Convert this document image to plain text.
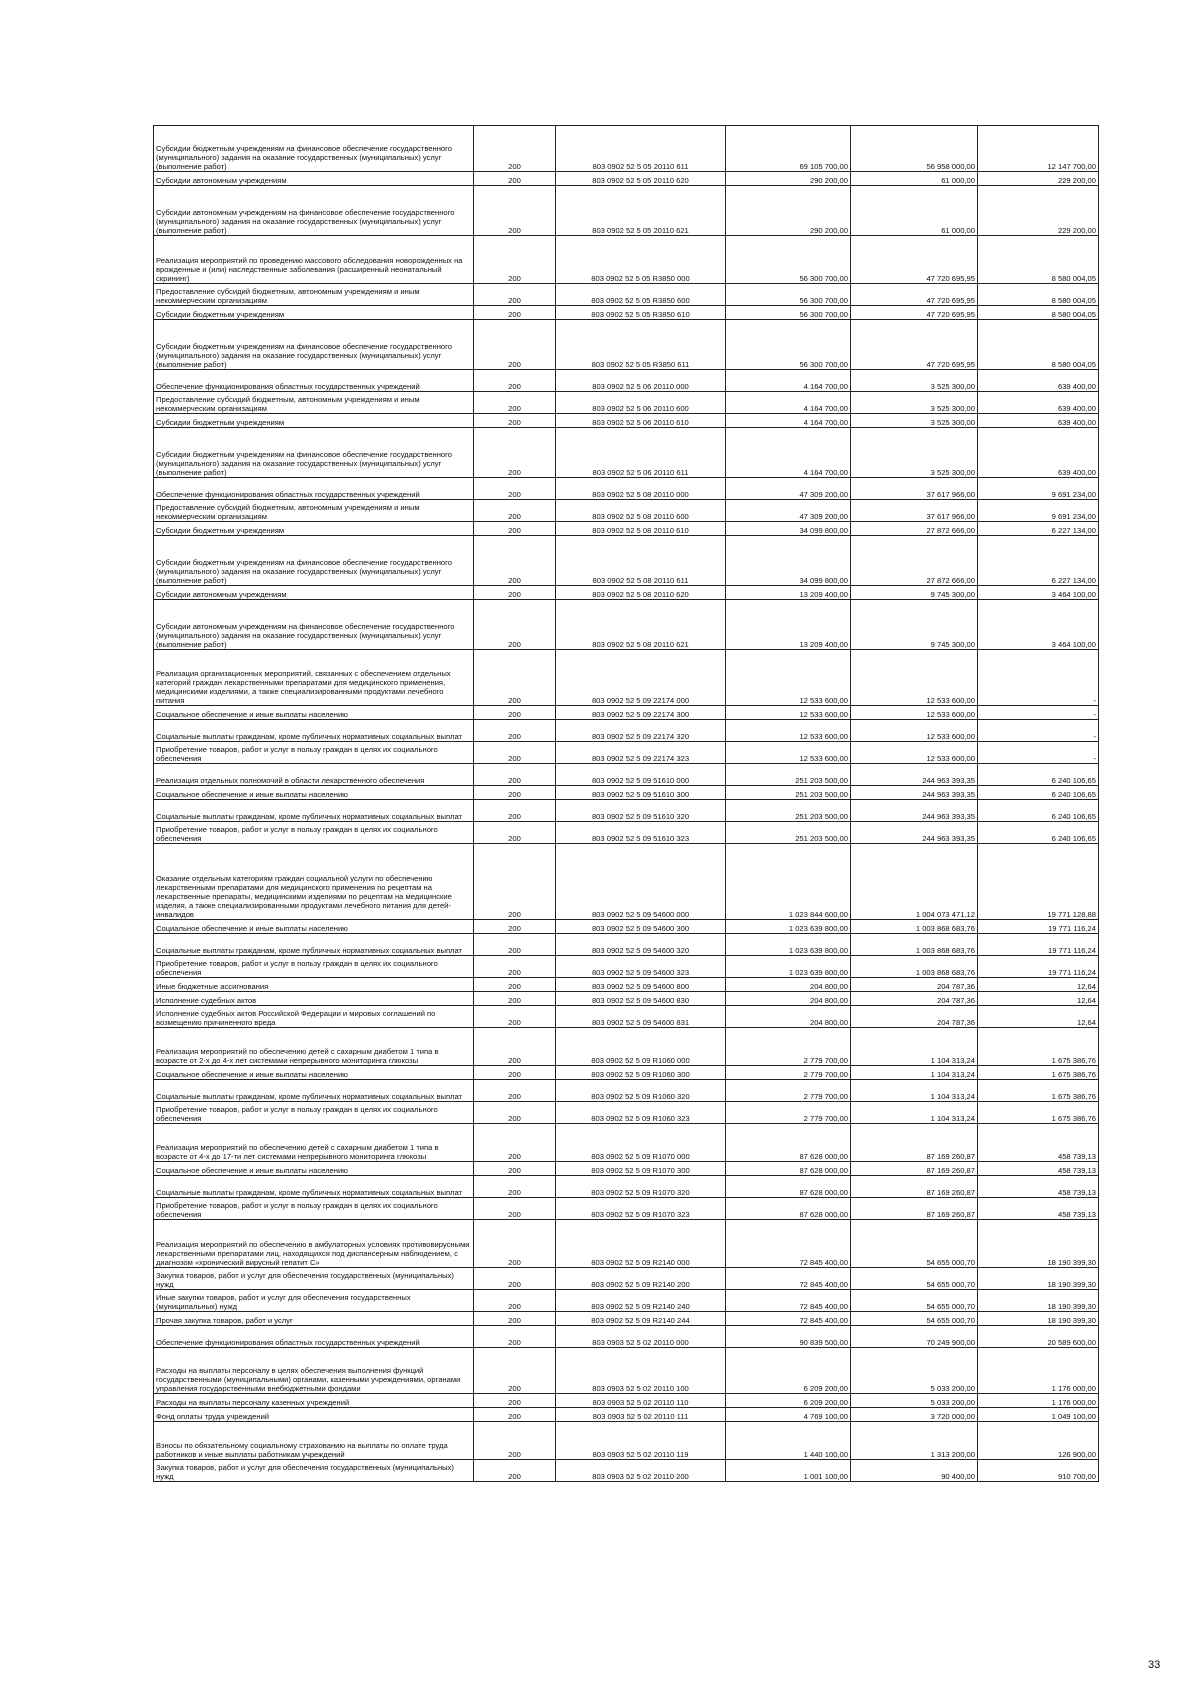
Субсидии бюджетным учреждениям на финансовое обеспечение государственного (муниципального) задания на оказание государственных (муниципальных) услуг (выполнение работ)	200	803 0902 52 5 05 20110 611	69 105 700,00	56 958 000,00	12 147 700,00
Субсидии автономным учреждениям	200	803 0902 52 5 05 20110 620	290 200,00	61 000,00	229 200,00
Субсидии автономным учреждениям на финансовое обеспечение государственного (муниципального) задания на оказание государственных (муниципальных) услуг (выполнение работ)	200	803 0902 52 5 05 20110 621	290 200,00	61 000,00	229 200,00
Реализация мероприятий по проведению массового обследования новорожденных на врожденные и (или) наследственные заболевания (расширенный неонатальный скрининг)	200	803 0902 52 5 05 R3850 000	56 300 700,00	47 720 695,95	8 580 004,05
Предоставление субсидий бюджетным, автономным учреждениям и иным некоммерческим организациям	200	803 0902 52 5 05 R3850 600	56 300 700,00	47 720 695,95	8 580 004,05
Субсидии бюджетным учреждениям	200	803 0902 52 5 05 R3850 610	56 300 700,00	47 720 695,95	8 580 004,05
Субсидии бюджетным учреждениям на финансовое обеспечение государственного (муниципального) задания на оказание государственных (муниципальных) услуг (выполнение работ)	200	803 0902 52 5 05 R3850 611	56 300 700,00	47 720 695,95	8 580 004,05
Обеспечение функционирования областных государственных учреждений	200	803 0902 52 5 06 20110 000	4 164 700,00	3 525 300,00	639 400,00
Предоставление субсидий бюджетным, автономным учреждениям и иным некоммерческим организациям	200	803 0902 52 5 06 20110 600	4 164 700,00	3 525 300,00	639 400,00
Субсидии бюджетным учреждениям	200	803 0902 52 5 06 20110 610	4 164 700,00	3 525 300,00	639 400,00
Субсидии бюджетным учреждениям на финансовое обеспечение государственного (муниципального) задания на оказание государственных (муниципальных) услуг (выполнение работ)	200	803 0902 52 5 06 20110 611	4 164 700,00	3 525 300,00	639 400,00
Обеспечение функционирования областных государственных учреждений	200	803 0902 52 5 08 20110 000	47 309 200,00	37 617 966,00	9 691 234,00
Предоставление субсидий бюджетным, автономным учреждениям и иным некоммерческим организациям	200	803 0902 52 5 08 20110 600	47 309 200,00	37 617 966,00	9 691 234,00
Субсидии бюджетным учреждениям	200	803 0902 52 5 08 20110 610	34 099 800,00	27 872 666,00	6 227 134,00
Субсидии бюджетным учреждениям на финансовое обеспечение государственного (муниципального) задания на оказание государственных (муниципальных) услуг (выполнение работ)	200	803 0902 52 5 08 20110 611	34 099 800,00	27 872 666,00	6 227 134,00
Субсидии автономным учреждениям	200	803 0902 52 5 08 20110 620	13 209 400,00	9 745 300,00	3 464 100,00
Субсидии автономным учреждениям на финансовое обеспечение государственного (муниципального) задания на оказание государственных (муниципальных) услуг (выполнение работ)	200	803 0902 52 5 08 20110 621	13 209 400,00	9 745 300,00	3 464 100,00
Реализация организационных мероприятий, связанных с обеспечением отдельных категорий граждан лекарственными препаратами для медицинского применения, медицинскими изделиями, а также специализированными продуктами лечебного питания	200	803 0902 52 5 09 22174 000	12 533 600,00	12 533 600,00	-
Социальное обеспечение и иные выплаты населению	200	803 0902 52 5 09 22174 300	12 533 600,00	12 533 600,00	-
Социальные выплаты гражданам, кроме публичных нормативных социальных выплат	200	803 0902 52 5 09 22174 320	12 533 600,00	12 533 600,00	-
Приобретение товаров, работ и услуг в пользу граждан в целях их социального обеспечения	200	803 0902 52 5 09 22174 323	12 533 600,00	12 533 600,00	-
Реализация отдельных полномочий в области лекарственного обеспечения	200	803 0902 52 5 09 51610 000	251 203 500,00	244 963 393,35	6 240 106,65
Социальное обеспечение и иные выплаты населению	200	803 0902 52 5 09 51610 300	251 203 500,00	244 963 393,35	6 240 106,65
Социальные выплаты гражданам, кроме публичных нормативных социальных выплат	200	803 0902 52 5 09 51610 320	251 203 500,00	244 963 393,35	6 240 106,65
Приобретение товаров, работ и услуг в пользу граждан в целях их социального обеспечения	200	803 0902 52 5 09 51610 323	251 203 500,00	244 963 393,35	6 240 106,65
Оказание отдельным категориям граждан социальной услуги по обеспечению лекарственными препаратами для медицинского применения по рецептам на лекарственные препараты, медицинскими изделиями по рецептам на медицинские изделия, а также специализированными продуктами лечебного питания для детей-инвалидов	200	803 0902 52 5 09 54600 000	1 023 844 600,00	1 004 073 471,12	19 771 128,88
Социальное обеспечение и иные выплаты населению	200	803 0902 52 5 09 54600 300	1 023 639 800,00	1 003 868 683,76	19 771 116,24
Социальные выплаты гражданам, кроме публичных нормативных социальных выплат	200	803 0902 52 5 09 54600 320	1 023 639 800,00	1 003 868 683,76	19 771 116,24
Приобретение товаров, работ и услуг в пользу граждан в целях их социального обеспечения	200	803 0902 52 5 09 54600 323	1 023 639 800,00	1 003 868 683,76	19 771 116,24
Иные бюджетные ассигнования	200	803 0902 52 5 09 54600 800	204 800,00	204 787,36	12,64
Исполнение судебных актов	200	803 0902 52 5 09 54600 830	204 800,00	204 787,36	12,64
Исполнение судебных актов Российской Федерации и мировых соглашений по возмещению причиненного вреда	200	803 0902 52 5 09 54600 831	204 800,00	204 787,36	12,64
Реализация мероприятий по обеспечению детей с сахарным диабетом 1 типа в возрасте от 2-х до 4-х лет системами непрерывного мониторинга глюкозы	200	803 0902 52 5 09 R1060 000	2 779 700,00	1 104 313,24	1 675 386,76
Социальное обеспечение и иные выплаты населению	200	803 0902 52 5 09 R1060 300	2 779 700,00	1 104 313,24	1 675 386,76
Социальные выплаты гражданам, кроме публичных нормативных социальных выплат	200	803 0902 52 5 09 R1060 320	2 779 700,00	1 104 313,24	1 675 386,76
Приобретение товаров, работ и услуг в пользу граждан в целях их социального обеспечения	200	803 0902 52 5 09 R1060 323	2 779 700,00	1 104 313,24	1 675 386,76
Реализация мероприятий по обеспечению детей с сахарным диабетом 1 типа в возрасте от 4-х до 17-ти лет системами непрерывного мониторинга глюкозы	200	803 0902 52 5 09 R1070 000	87 628 000,00	87 169 260,87	458 739,13
Социальное обеспечение и иные выплаты населению	200	803 0902 52 5 09 R1070 300	87 628 000,00	87 169 260,87	458 739,13
Социальные выплаты гражданам, кроме публичных нормативных социальных выплат	200	803 0902 52 5 09 R1070 320	87 628 000,00	87 169 260,87	458 739,13
Приобретение товаров, работ и услуг в пользу граждан в целях их социального обеспечения	200	803 0902 52 5 09 R1070 323	87 628 000,00	87 169 260,87	458 739,13
Реализация мероприятий по обеспечению в амбулаторных условиях противовирусными лекарственными препаратами лиц, находящихся под диспансерным наблюдением, с диагнозом «хронический вирусный гепатит С»	200	803 0902 52 5 09 R2140 000	72 845 400,00	54 655 000,70	18 190 399,30
Закупка товаров, работ и услуг для обеспечения государственных (муниципальных) нужд	200	803 0902 52 5 09 R2140 200	72 845 400,00	54 655 000,70	18 190 399,30
Иные закупки товаров, работ и услуг для обеспечения государственных (муниципальных) нужд	200	803 0902 52 5 09 R2140 240	72 845 400,00	54 655 000,70	18 190 399,30
Прочая закупка товаров, работ и услуг	200	803 0902 52 5 09 R2140 244	72 845 400,00	54 655 000,70	18 190 399,30
Обеспечение функционирования областных государственных учреждений	200	803 0903 52 5 02 20110 000	90 839 500,00	70 249 900,00	20 589 600,00
Расходы на выплаты персоналу в целях обеспечения выполнения функций государственными (муниципальными) органами, казенными учреждениями, органами управления государственными внебюджетными фондами	200	803 0903 52 5 02 20110 100	6 209 200,00	5 033 200,00	1 176 000,00
Расходы на выплаты персоналу казенных учреждений	200	803 0903 52 5 02 20110 110	6 209 200,00	5 033 200,00	1 176 000,00
Фонд оплаты труда учреждений	200	803 0903 52 5 02 20110 111	4 769 100,00	3 720 000,00	1 049 100,00
Взносы по обязательному социальному страхованию на выплаты по оплате труда работников и иные выплаты работникам учреждений	200	803 0903 52 5 02 20110 119	1 440 100,00	1 313 200,00	126 900,00
Закупка товаров, работ и услуг для обеспечения государственных (муниципальных) нужд	200	803 0903 52 5 02 20110 200	1 001 100,00	90 400,00	910 700,00
33
